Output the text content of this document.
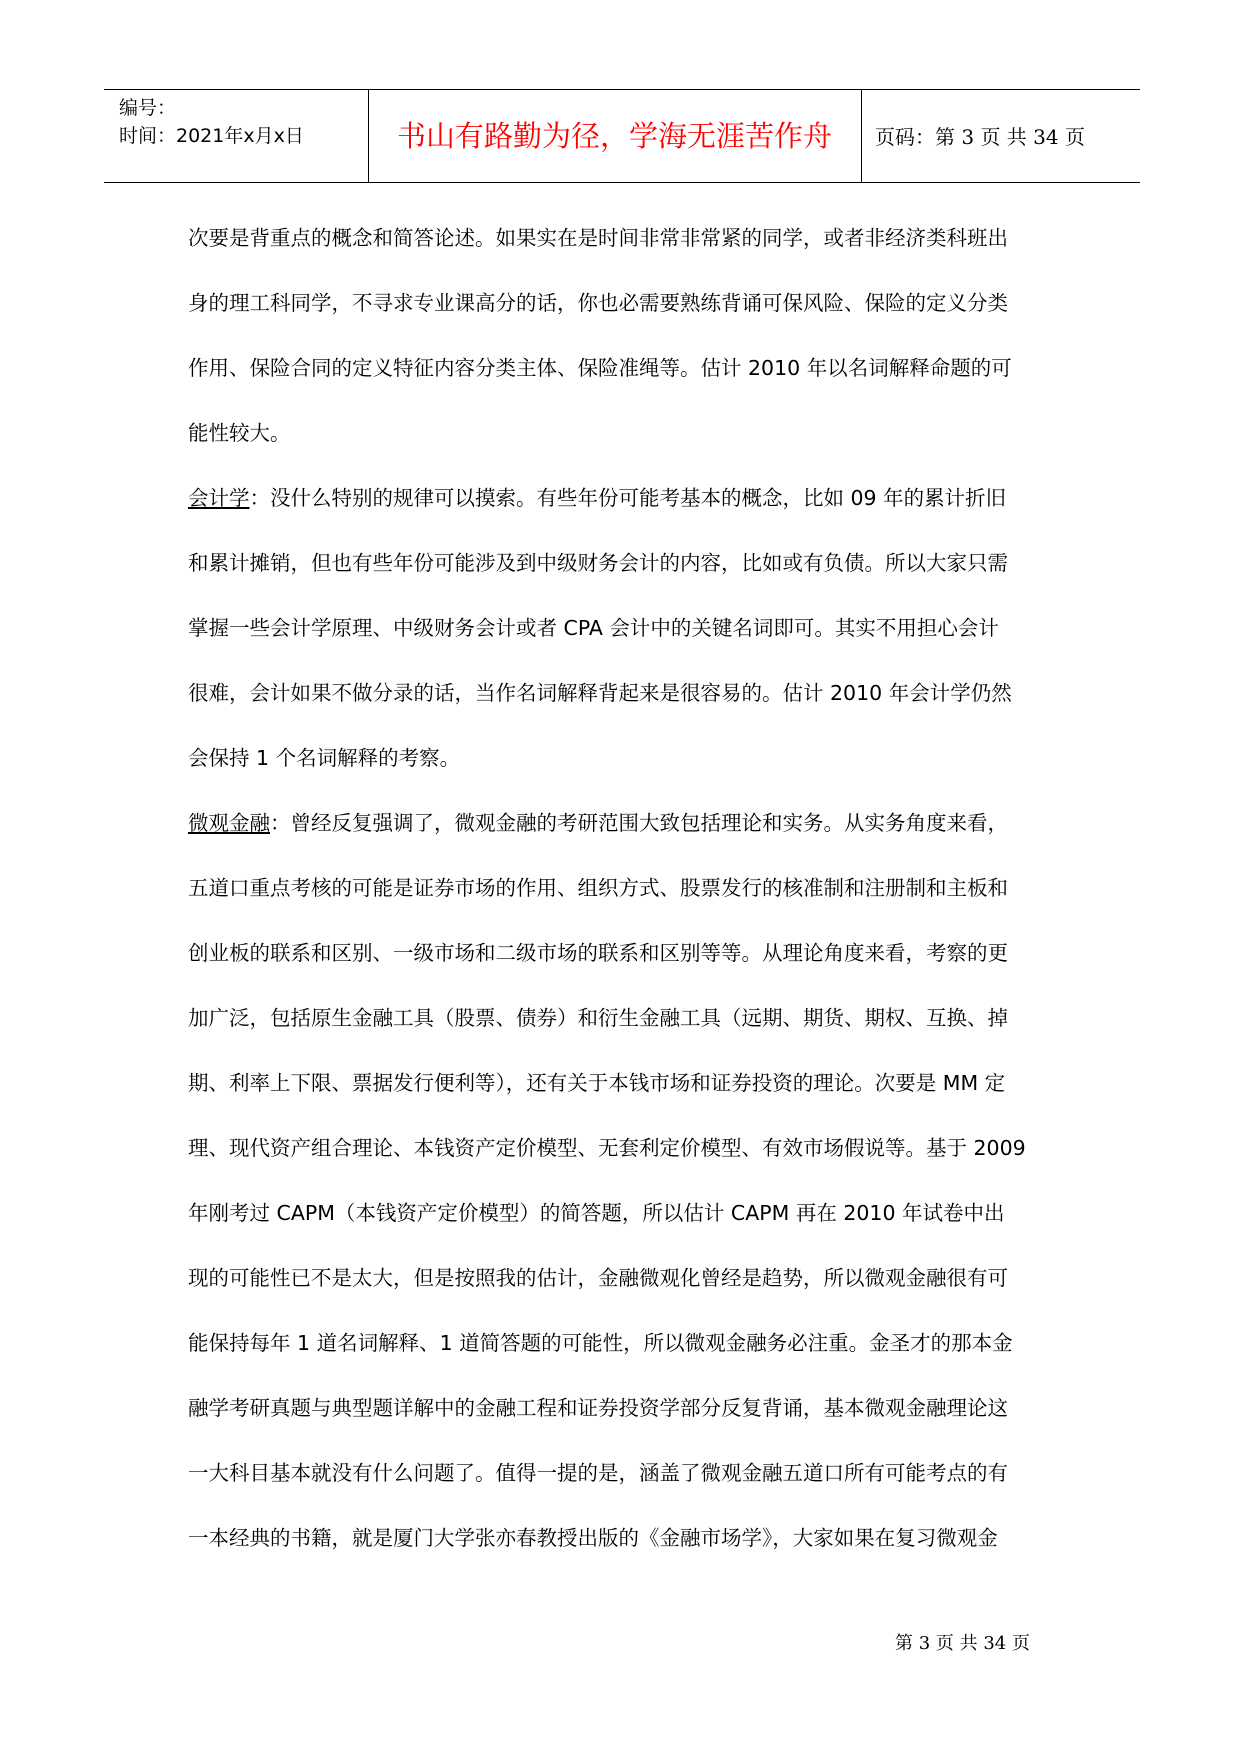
编号：
时间：2021年x月x日	书山有路勤为径，学海无涯苦作舟	页码：第 3 页 共 34 页
次要是背重点的概念和简答论述。如果实在是时间非常非常紧的同学，或者非经济类科班出
身的理工科同学，不寻求专业课高分的话，你也必需要熟练背诵可保风险、保险的定义分类
作用、保险合同的定义特征内容分类主体、保险准绳等。估计 2010 年以名词解释命题的可
能性较大。
会计学：没什么特别的规律可以摸索。有些年份可能考基本的概念，比如 09 年的累计折旧
和累计摊销，但也有些年份可能涉及到中级财务会计的内容，比如或有负债。所以大家只需
掌握一些会计学原理、中级财务会计或者 CPA 会计中的关键名词即可。其实不用担心会计
很难，会计如果不做分录的话，当作名词解释背起来是很容易的。估计 2010 年会计学仍然
会保持 1 个名词解释的考察。
微观金融：曾经反复强调了，微观金融的考研范围大致包括理论和实务。从实务角度来看，
五道口重点考核的可能是证券市场的作用、组织方式、股票发行的核准制和注册制和主板和
创业板的联系和区别、一级市场和二级市场的联系和区别等等。从理论角度来看，考察的更
加广泛，包括原生金融工具（股票、债券）和衍生金融工具（远期、期货、期权、互换、掉
期、利率上下限、票据发行便利等），还有关于本钱市场和证券投资的理论。次要是 MM 定
理、现代资产组合理论、本钱资产定价模型、无套利定价模型、有效市场假说等。基于 2009
年刚考过 CAPM（本钱资产定价模型）的简答题，所以估计 CAPM 再在 2010 年试卷中出
现的可能性已不是太大，但是按照我的估计，金融微观化曾经是趋势，所以微观金融很有可
能保持每年 1 道名词解释、1 道简答题的可能性，所以微观金融务必注重。金圣才的那本金
融学考研真题与典型题详解中的金融工程和证券投资学部分反复背诵，基本微观金融理论这
一大科目基本就没有什么问题了。值得一提的是，涵盖了微观金融五道口所有可能考点的有
一本经典的书籍，就是厦门大学张亦春教授出版的《金融市场学》，大家如果在复习微观金
第 3 页 共 34 页
